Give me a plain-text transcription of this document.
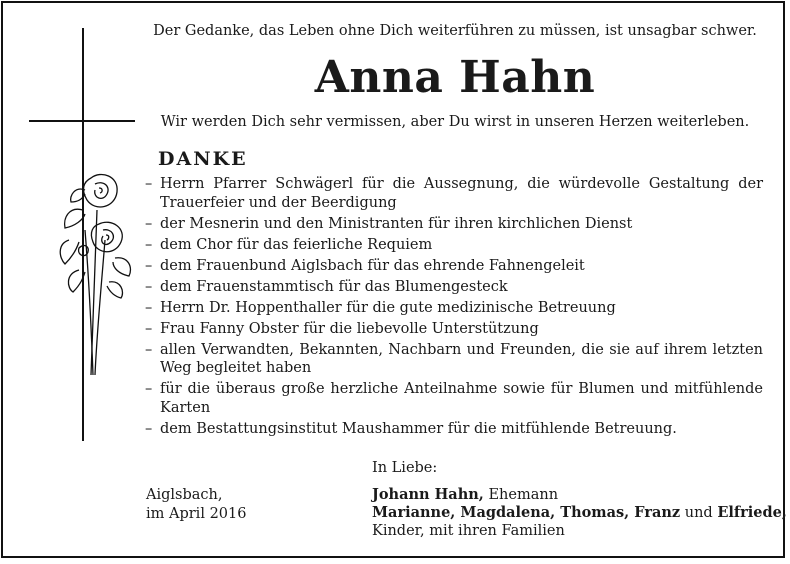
Der Gedanke, das Leben ohne Dich weiterführen zu müssen, ist unsagbar schwer.

Anna Hahn

Wir werden Dich sehr vermissen, aber Du wirst in unseren Herzen weiterleben.

DANKE
– Herrn Pfarrer Schwägerl für die Aussegnung, die würdevolle Gestaltung der Trauerfeier und der Beerdigung
– der Mesnerin und den Ministranten für ihren kirchlichen Dienst
– dem Chor für das feierliche Requiem
– dem Frauenbund Aiglsbach für das ehrende Fahnengeleit
– dem Frauenstammtisch für das Blumengesteck
– Herrn Dr. Hoppenthaller für die gute medizinische Betreuung
– Frau Fanny Obster für die liebevolle Unterstützung
– allen Verwandten, Bekannten, Nachbarn und Freunden, die sie auf ihrem letzten Weg begleitet haben
– für die überaus große herzliche Anteilnahme sowie für Blumen und mitfühlende Karten
– dem Bestattungsinstitut Maushammer für die mitfühlende Betreuung.

In Liebe:

Aiglsbach,
im April 2016

Johann Hahn, Ehemann
Marianne, Magdalena, Thomas, Franz und Elfriede,
Kinder, mit ihren Familien
